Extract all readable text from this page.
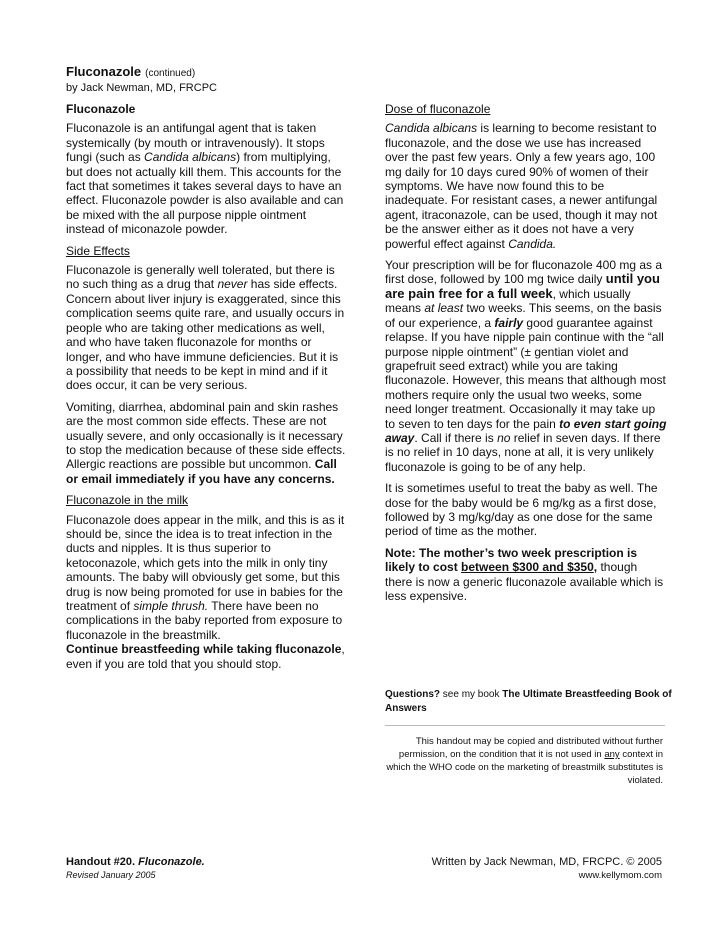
Fluconazole (continued)
by Jack Newman, MD, FRCPC
Fluconazole

Fluconazole is an antifungal agent that is taken systemically (by mouth or intravenously). It stops fungi (such as Candida albicans) from multiplying, but does not actually kill them. This accounts for the fact that sometimes it takes several days to have an effect. Fluconazole powder is also available and can be mixed with the all purpose nipple ointment instead of miconazole powder.

Side Effects

Fluconazole is generally well tolerated, but there is no such thing as a drug that never has side effects. Concern about liver injury is exaggerated, since this complication seems quite rare, and usually occurs in people who are taking other medications as well, and who have taken fluconazole for months or longer, and who have immune deficiencies. But it is a possibility that needs to be kept in mind and if it does occur, it can be very serious.

Vomiting, diarrhea, abdominal pain and skin rashes are the most common side effects. These are not usually severe, and only occasionally is it necessary to stop the medication because of these side effects. Allergic reactions are possible but uncommon. Call or email immediately if you have any concerns.

Fluconazole in the milk

Fluconazole does appear in the milk, and this is as it should be, since the idea is to treat infection in the ducts and nipples. It is thus superior to ketoconazole, which gets into the milk in only tiny amounts. The baby will obviously get some, but this drug is now being promoted for use in babies for the treatment of simple thrush. There have been no complications in the baby reported from exposure to fluconazole in the breastmilk.
Continue breastfeeding while taking fluconazole, even if you are told that you should stop.

Dose of fluconazole

Candida albicans is learning to become resistant to fluconazole, and the dose we use has increased over the past few years. Only a few years ago, 100 mg daily for 10 days cured 90% of women of their symptoms. We have now found this to be inadequate. For resistant cases, a newer antifungal agent, itraconazole, can be used, though it may not be the answer either as it does not have a very powerful effect against Candida.

Your prescription will be for fluconazole 400 mg as a first dose, followed by 100 mg twice daily until you are pain free for a full week, which usually means at least two weeks. This seems, on the basis of our experience, a fairly good guarantee against relapse. If you have nipple pain continue with the “all purpose nipple ointment” (± gentian violet and grapefruit seed extract) while you are taking fluconazole. However, this means that although most mothers require only the usual two weeks, some need longer treatment. Occasionally it may take up to seven to ten days for the pain to even start going away. Call if there is no relief in seven days. If there is no relief in 10 days, none at all, it is very unlikely fluconazole is going to be of any help.

It is sometimes useful to treat the baby as well. The dose for the baby would be 6 mg/kg as a first dose, followed by 3 mg/kg/day as one dose for the same period of time as the mother.

Note: The mother’s two week prescription is likely to cost between $300 and $350, though there is now a generic fluconazole available which is less expensive.

Questions? see my book The Ultimate Breastfeeding Book of Answers
This handout may be copied and distributed without further permission, on the condition that it is not used in any context in which the WHO code on the marketing of breastmilk substitutes is violated.
Handout #20. Fluconazole.
Revised January 2005
Written by Jack Newman, MD, FRCPC. © 2005
www.kellymom.com
